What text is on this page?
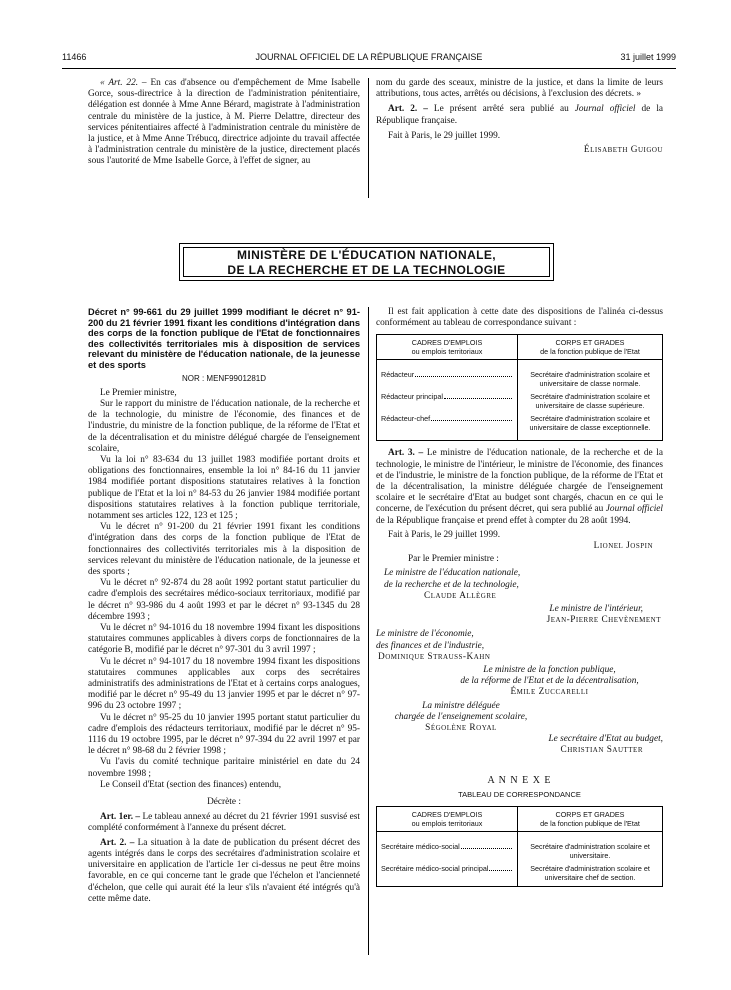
11466	JOURNAL OFFICIEL DE LA RÉPUBLIQUE FRANÇAISE	31 juillet 1999

« Art. 22. – En cas d'absence ou d'empêchement de Mme Isabelle Gorce, sous-directrice à la direction de l'administration pénitentiaire, délégation est donnée à Mme Anne Bérard, magistrate à l'administration centrale du ministère de la justice, à M. Pierre Delattre, directeur des services pénitentiaires affecté à l'administration centrale du ministère de la justice, et à Mme Anne Trébucq, directrice adjointe du travail affectée à l'administration centrale du ministère de la justice, directement placés sous l'autorité de Mme Isabelle Gorce, à l'effet de signer, au

nom du garde des sceaux, ministre de la justice, et dans la limite de leurs attributions, tous actes, arrêtés ou décisions, à l'exclusion des décrets. »

Art. 2. – Le présent arrêté sera publié au Journal officiel de la République française.

Fait à Paris, le 29 juillet 1999.

Élisabeth Guigou
MINISTÈRE DE L'ÉDUCATION NATIONALE,
DE LA RECHERCHE ET DE LA TECHNOLOGIE
Décret n° 99-661 du 29 juillet 1999 modifiant le décret n° 91-200 du 21 février 1991 fixant les conditions d'intégration dans des corps de la fonction publique de l'Etat de fonctionnaires des collectivités territoriales mis à disposition de services relevant du ministère de l'éducation nationale, de la jeunesse et des sports
NOR : MENF9901281D

Le Premier ministre,

Sur le rapport du ministre de l'éducation nationale, de la recherche et de la technologie, du ministre de l'économie, des finances et de l'industrie, du ministre de la fonction publique, de la réforme de l'Etat et de la décentralisation et du ministre délégué chargée de l'enseignement scolaire,

Vu la loi n° 83-634 du 13 juillet 1983 modifiée portant droits et obligations des fonctionnaires, ensemble la loi n° 84-16 du 11 janvier 1984 modifiée portant dispositions statutaires relatives à la fonction publique de l'Etat et la loi n° 84-53 du 26 janvier 1984 modifiée portant dispositions statutaires relatives à la fonction publique territoriale, notamment ses articles 122, 123 et 125 ;

Vu le décret n° 91-200 du 21 février 1991 fixant les conditions d'intégration dans des corps de la fonction publique de l'Etat de fonctionnaires des collectivités territoriales mis à la disposition de services relevant du ministère de l'éducation nationale, de la jeunesse et des sports ;

Vu le décret n° 92-874 du 28 août 1992 portant statut particulier du cadre d'emplois des secrétaires médico-sociaux territoriaux, modifié par le décret n° 93-986 du 4 août 1993 et par le décret n° 93-1345 du 28 décembre 1993 ;

Vu le décret n° 94-1016 du 18 novembre 1994 fixant les dispositions statutaires communes applicables à divers corps de fonctionnaires de la catégorie B, modifié par le décret n° 97-301 du 3 avril 1997 ;

Vu le décret n° 94-1017 du 18 novembre 1994 fixant les dispositions statutaires communes applicables aux corps des secrétaires administratifs des administrations de l'Etat et à certains corps analogues, modifié par le décret n° 95-49 du 13 janvier 1995 et par le décret n° 97-996 du 23 octobre 1997 ;

Vu le décret n° 95-25 du 10 janvier 1995 portant statut particulier du cadre d'emplois des rédacteurs territoriaux, modifié par le décret n° 95-1116 du 19 octobre 1995, par le décret n° 97-394 du 22 avril 1997 et par le décret n° 98-68 du 2 février 1998 ;

Vu l'avis du comité technique paritaire ministériel en date du 24 novembre 1998 ;

Le Conseil d'Etat (section des finances) entendu,

Décrète :

Art. 1er. – Le tableau annexé au décret du 21 février 1991 susvisé est complété conformément à l'annexe du présent décret.

Art. 2. – La situation à la date de publication du présent décret des agents intégrés dans le corps des secrétaires d'administration scolaire et universitaire en application de l'article 1er ci-dessus ne peut être moins favorable, en ce qui concerne tant le grade que l'échelon et l'ancienneté d'échelon, que celle qui aurait été la leur s'ils n'avaient été intégrés qu'à cette même date.

Il est fait application à cette date des dispositions de l'alinéa ci-dessus conformément au tableau de correspondance suivant :

CADRES D'EMPLOIS
ou emplois territoriaux	CORPS ET GRADES
de la fonction publique de l'Etat

Rédacteur	Secrétaire d'administration scolaire et universitaire de classe normale.

Rédacteur principal	Secrétaire d'administration scolaire et universitaire de classe supérieure.

Rédacteur-chef	Secrétaire d'administration scolaire et universitaire de classe exceptionnelle.

Art. 3. – Le ministre de l'éducation nationale, de la recherche et de la technologie, le ministre de l'intérieur, le ministre de l'économie, des finances et de l'industrie, le ministre de la fonction publique, de la réforme de l'Etat et de la décentralisation, la ministre déléguée chargée de l'enseignement scolaire et le secrétaire d'Etat au budget sont chargés, chacun en ce qui le concerne, de l'exécution du présent décret, qui sera publié au Journal officiel de la République française et prend effet à compter du 28 août 1994.

Fait à Paris, le 29 juillet 1999.

Lionel Jospin
Par le Premier ministre :
Le ministre de l'éducation nationale,
de la recherche et de la technologie,
Claude Allègre
Le ministre de l'intérieur,
Jean-Pierre Chevènement
Le ministre de l'économie,
des finances et de l'industrie,
Dominique Strauss-Kahn
Le ministre de la fonction publique,
de la réforme de l'Etat et de la décentralisation,
Émile Zuccarelli
La ministre déléguée
chargée de l'enseignement scolaire,
Ségolène Royal
Le secrétaire d'Etat au budget,
Christian Sautter
A N N E X E
TABLEAU DE CORRESPONDANCE
CADRES D'EMPLOIS
ou emplois territoriaux	CORPS ET GRADES
de la fonction publique de l'Etat

Secrétaire médico-social	Secrétaire d'administration scolaire et universitaire.

Secrétaire médico-social principal	Secrétaire d'administration scolaire et universitaire chef de section.
